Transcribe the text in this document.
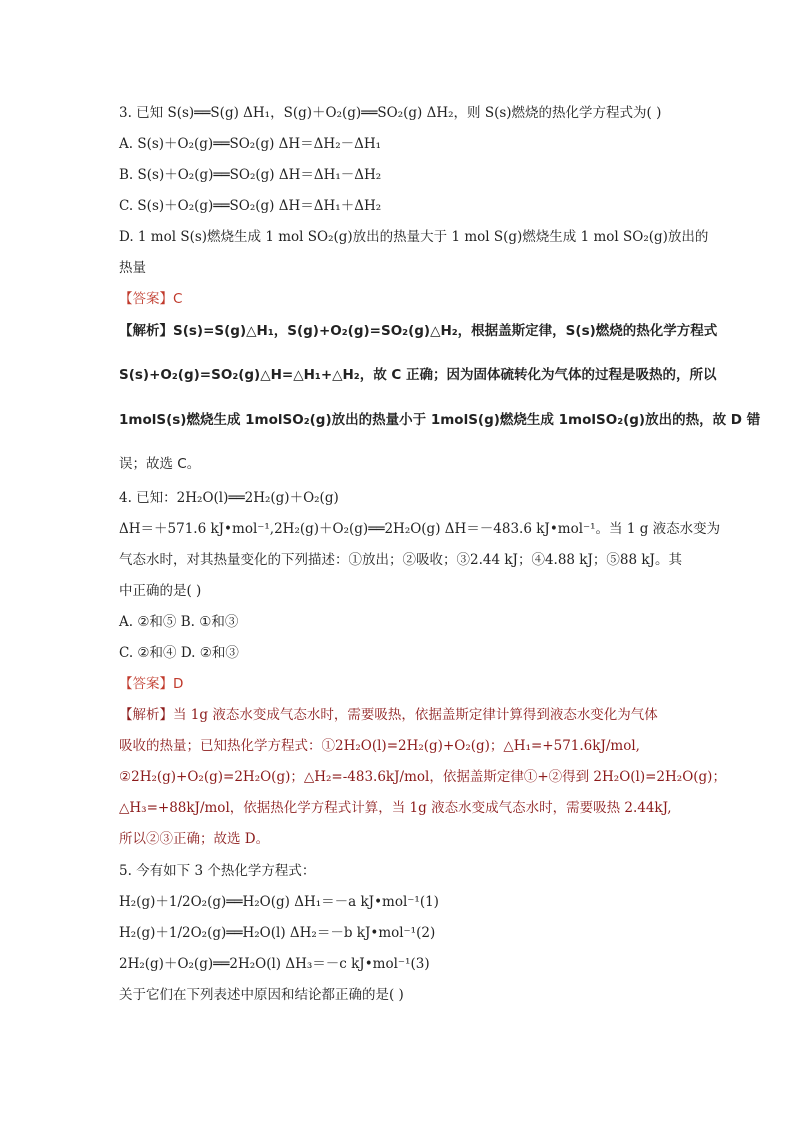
3. 已知 S(s)══S(g) ΔH₁，S(g)＋O₂(g)══SO₂(g) ΔH₂，则 S(s)燃烧的热化学方程式为( )
A. S(s)＋O₂(g)══SO₂(g) ΔH＝ΔH₂－ΔH₁
B. S(s)＋O₂(g)══SO₂(g) ΔH＝ΔH₁－ΔH₂
C. S(s)＋O₂(g)══SO₂(g) ΔH＝ΔH₁＋ΔH₂
D. 1 mol S(s)燃烧生成 1 mol SO₂(g)放出的热量大于 1 mol S(g)燃烧生成 1 mol SO₂(g)放出的
热量
【答案】C
【解析】S(s)=S(g)△H₁，S(g)+O₂(g)=SO₂(g)△H₂，根据盖斯定律，S(s)燃烧的热化学方程式
S(s)+O₂(g)=SO₂(g)△H=△H₁+△H₂，故 C 正确；因为固体硫转化为气体的过程是吸热的，所以
1molS(s)燃烧生成 1molSO₂(g)放出的热量小于 1molS(g)燃烧生成 1molSO₂(g)放出的热，故 D 错
误；故选 C。
4. 已知：2H₂O(l)══2H₂(g)＋O₂(g)
ΔH＝＋571.6 kJ•mol⁻¹,2H₂(g)＋O₂(g)══2H₂O(g) ΔH＝－483.6 kJ•mol⁻¹。当 1 g 液态水变为
气态水时，对其热量变化的下列描述：①放出；②吸收；③2.44 kJ；④4.88 kJ；⑤88 kJ。其
中正确的是( )
A. ②和⑤ B. ①和③
C. ②和④ D. ②和③
【答案】D
【解析】当 1g 液态水变成气态水时，需要吸热，依据盖斯定律计算得到液态水变化为气体
吸收的热量；已知热化学方程式：①2H₂O(l)=2H₂(g)+O₂(g)；△H₁=+571.6kJ/mol,
②2H₂(g)+O₂(g)=2H₂O(g)；△H₂=-483.6kJ/mol，依据盖斯定律①+②得到 2H₂O(l)=2H₂O(g)；
△H₃=+88kJ/mol，依据热化学方程式计算，当 1g 液态水变成气态水时，需要吸热 2.44kJ,
所以②③正确；故选 D。
5. 今有如下 3 个热化学方程式：
H₂(g)＋1/2O₂(g)══H₂O(g) ΔH₁＝－a kJ•mol⁻¹(1)
H₂(g)＋1/2O₂(g)══H₂O(l) ΔH₂＝－b kJ•mol⁻¹(2)
2H₂(g)＋O₂(g)══2H₂O(l) ΔH₃＝－c kJ•mol⁻¹(3)
关于它们在下列表述中原因和结论都正确的是( )
